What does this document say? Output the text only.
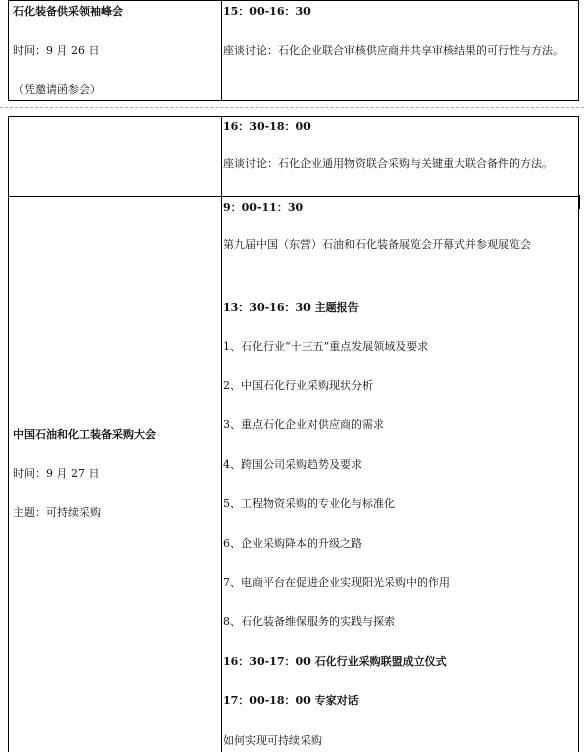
石化装备供采领袖峰会
时间：9 月 26 日
（凭邀请函参会）
15：00-16：30
座谈讨论：石化企业联合审核供应商并共享审核结果的可行性与方法。
16：30-18：00
座谈讨论：石化企业通用物资联合采购与关键重大联合备件的方法。
中国石油和化工装备采购大会
时间：9 月 27 日
主题：可持续采购
9：00-11：30
第九届中国（东营）石油和石化装备展览会开幕式并参观展览会
13：30-16：30 主题报告
1、石化行业“十三五”重点发展领域及要求
2、中国石化行业采购现状分析
3、重点石化企业对供应商的需求
4、跨国公司采购趋势及要求
5、工程物资采购的专业化与标准化
6、企业采购降本的升级之路
7、电商平台在促进企业实现阳光采购中的作用
8、石化装备维保服务的实践与探索
16：30-17：00 石化行业采购联盟成立仪式
17：00-18：00 专家对话
如何实现可持续采购
